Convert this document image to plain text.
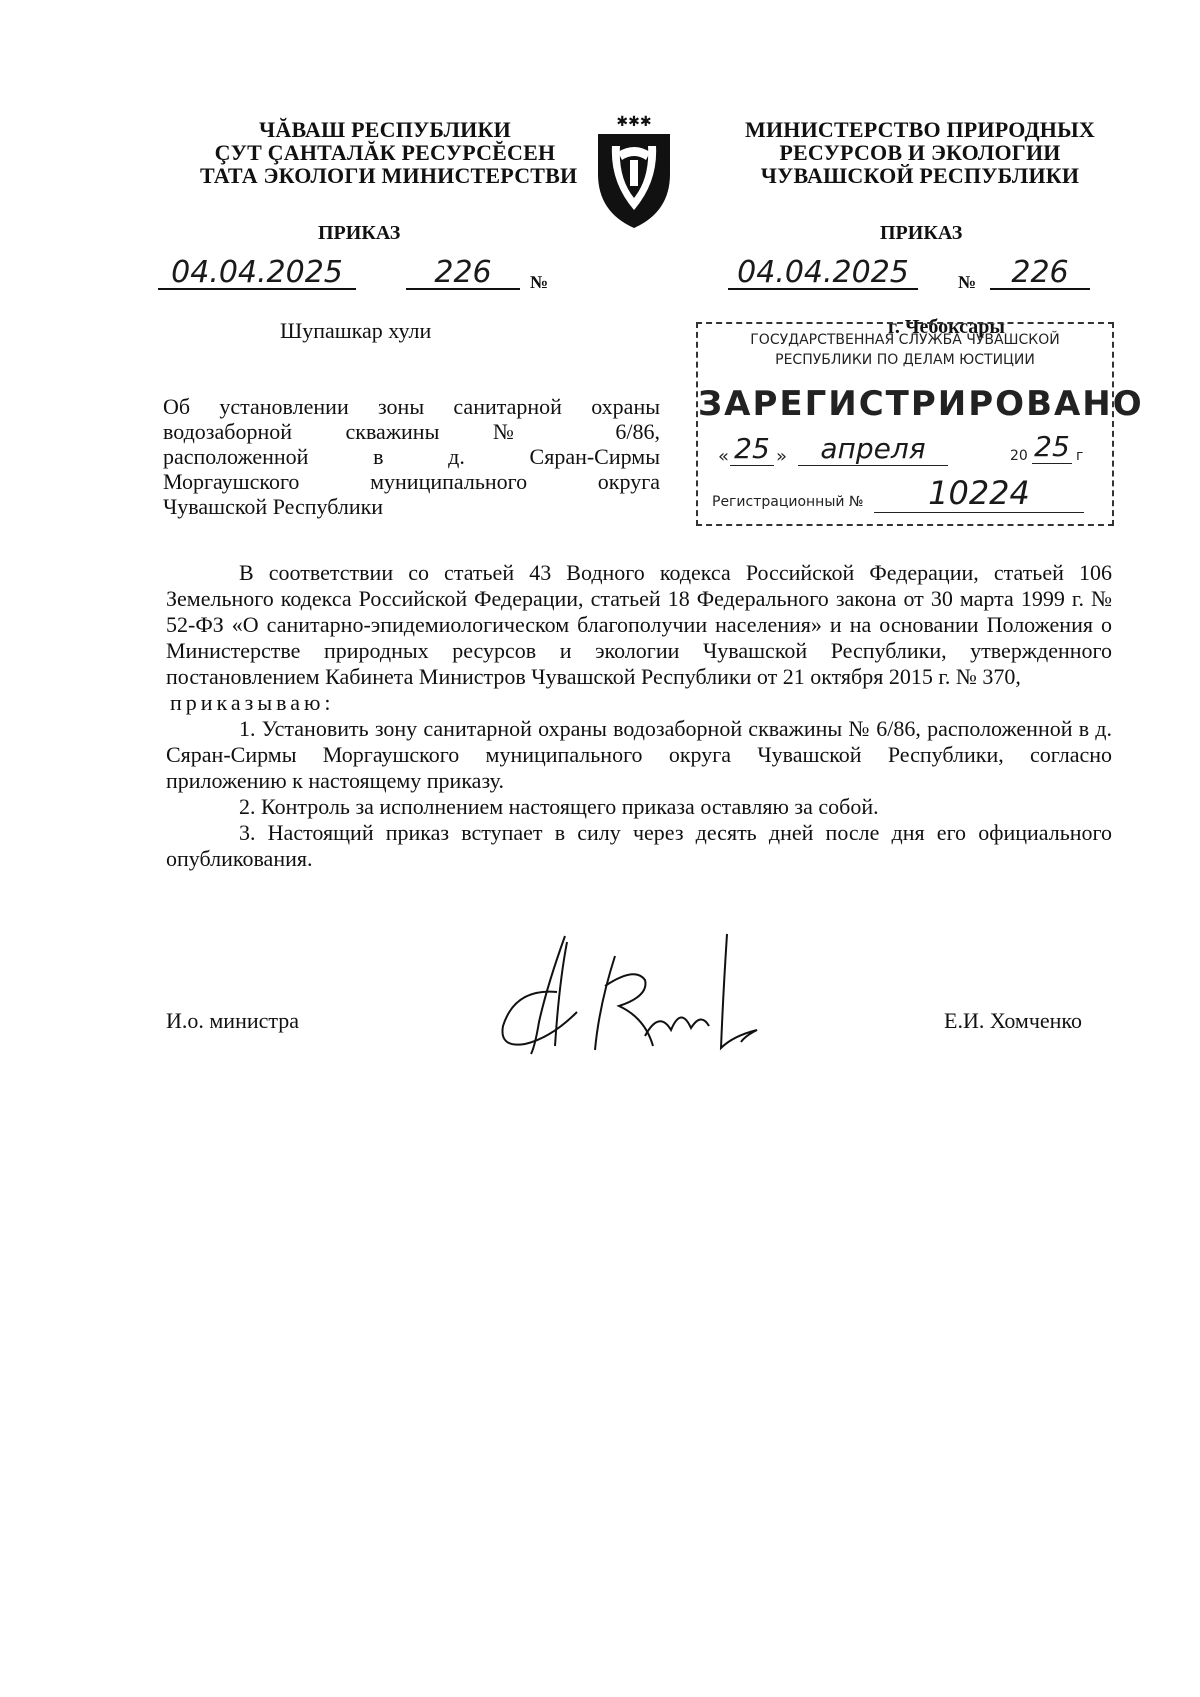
ЧĂВАШ РЕСПУБЛИКИ
ÇУТ ÇАНТАЛĂК РЕСУРСĔСЕН
ТАТА ЭКОЛОГИ МИНИСТЕРСТВИ
✱✱✱	МИНИСТЕРСТВО ПРИРОДНЫХ
РЕСУРСОВ И ЭКОЛОГИИ
ЧУВАШСКОЙ РЕСПУБЛИКИ
ПРИКАЗ	ПРИКАЗ
04.04.2025	226	№	04.04.2025	№	226
Шупашкар хули	г. Чебоксары
ГОСУДАРСТВЕННАЯ СЛУЖБА ЧУВАШСКОЙ
РЕСПУБЛИКИ ПО ДЕЛАМ ЮСТИЦИИ
ЗАРЕГИСТРИРОВАНО
« 25 »	апреля	20 25 г
Регистрационный №	10224
Об установлении зоны санитарной охраны
водозаборной скважины № 6/86,
расположенной в д. Сяран-Сирмы
Моргаушского муниципального округа
Чувашской Республики

В соответствии со статьей 43 Водного кодекса Российской Федерации, статьей 106 Земельного кодекса Российской Федерации, статьей 18 Федерального закона от 30 марта 1999 г. № 52-ФЗ «О санитарно-эпидемиологическом благополучии населения» и на основании Положения о Министерстве природных ресурсов и экологии Чувашской Республики, утвержденного постановлением Кабинета Министров Чувашской Республики от 21 октября 2015 г. № 370,

приказываю:

1. Установить зону санитарной охраны водозаборной скважины № 6/86, расположенной в д. Сяран-Сирмы Моргаушского муниципального округа Чувашской Республики, согласно приложению к настоящему приказу.

2. Контроль за исполнением настоящего приказа оставляю за собой.

3. Настоящий приказ вступает в силу через десять дней после дня его официального опубликования.

И.о. министра	Е.И. Хомченко
